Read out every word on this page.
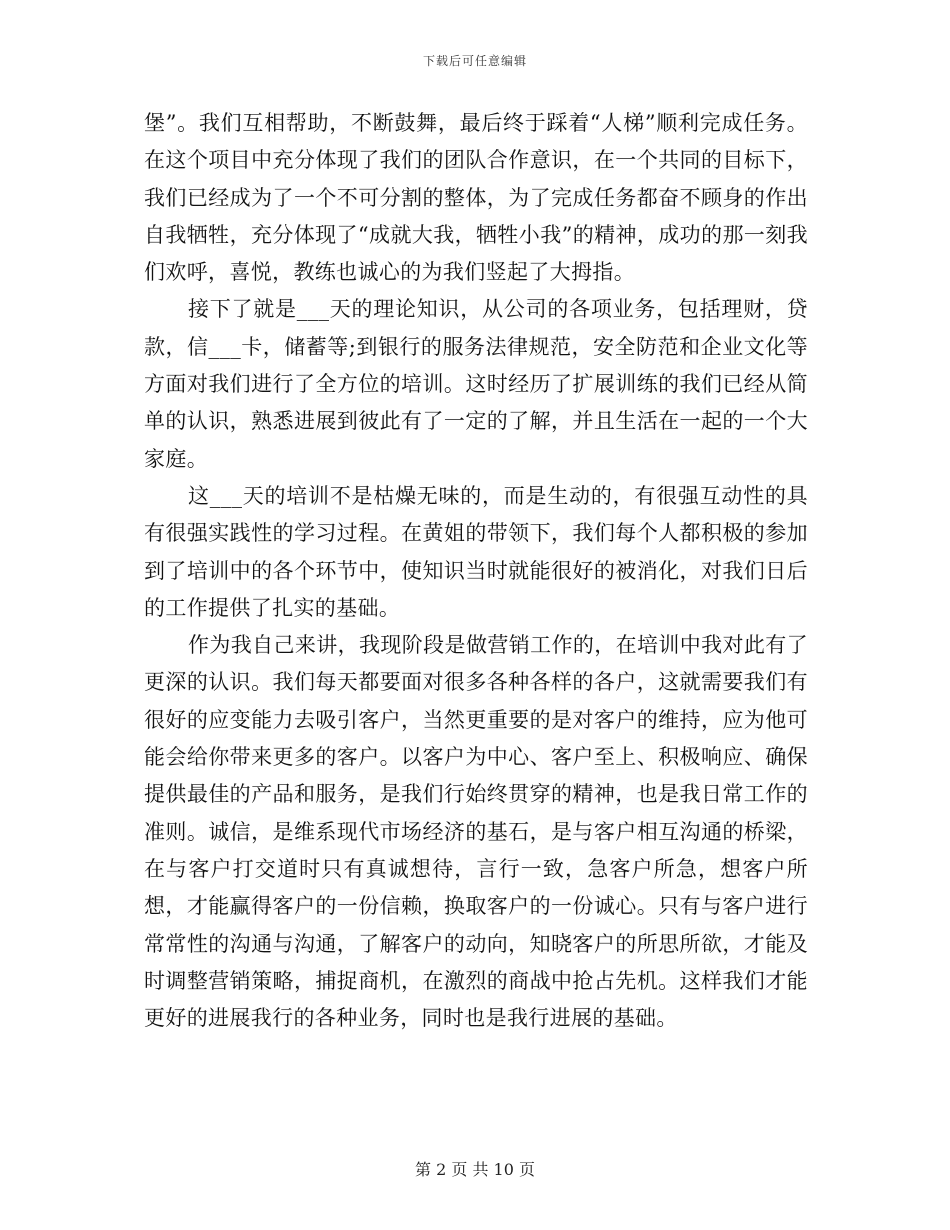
下载后可任意编辑

堡”。我们互相帮助，不断鼓舞，最后终于踩着“人梯”顺利完成任务。在这个项目中充分体现了我们的团队合作意识，在一个共同的目标下，我们已经成为了一个不可分割的整体，为了完成任务都奋不顾身的作出自我牺牲，充分体现了“成就大我，牺牲小我”的精神，成功的那一刻我们欢呼，喜悦，教练也诚心的为我们竖起了大拇指。

接下了就是___天的理论知识，从公司的各项业务，包括理财，贷款，信___卡，储蓄等;到银行的服务法律规范，安全防范和企业文化等方面对我们进行了全方位的培训。这时经历了扩展训练的我们已经从简单的认识，熟悉进展到彼此有了一定的了解，并且生活在一起的一个大家庭。

这___天的培训不是枯燥无味的，而是生动的，有很强互动性的具有很强实践性的学习过程。在黄姐的带领下，我们每个人都积极的参加到了培训中的各个环节中，使知识当时就能很好的被消化，对我们日后的工作提供了扎实的基础。

作为我自己来讲，我现阶段是做营销工作的，在培训中我对此有了更深的认识。我们每天都要面对很多各种各样的各户，这就需要我们有很好的应变能力去吸引客户，当然更重要的是对客户的维持，应为他可能会给你带来更多的客户。以客户为中心、客户至上、积极响应、确保提供最佳的产品和服务，是我们行始终贯穿的精神，也是我日常工作的准则。诚信，是维系现代市场经济的基石，是与客户相互沟通的桥梁，在与客户打交道时只有真诚想待，言行一致，急客户所急，想客户所想，才能赢得客户的一份信赖，换取客户的一份诚心。只有与客户进行常常性的沟通与沟通，了解客户的动向，知晓客户的所思所欲，才能及时调整营销策略，捕捉商机，在激烈的商战中抢占先机。这样我们才能更好的进展我行的各种业务，同时也是我行进展的基础。

第 2 页 共 10 页
